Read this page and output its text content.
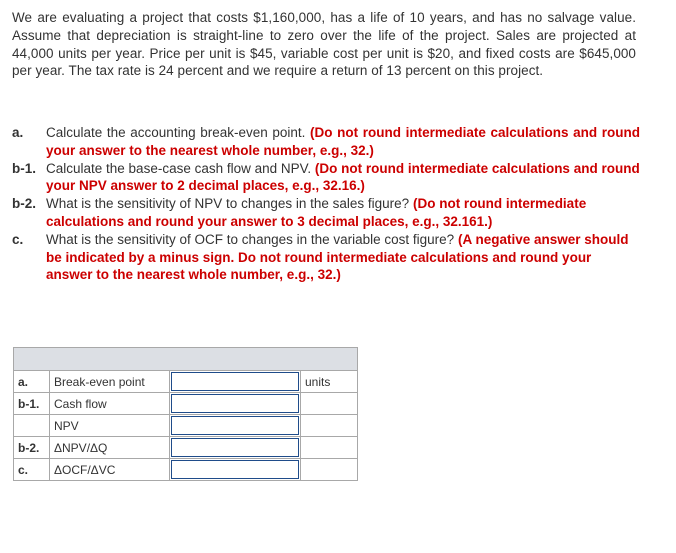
We are evaluating a project that costs $1,160,000, has a life of 10 years, and has no salvage value. Assume that depreciation is straight-line to zero over the life of the project. Sales are projected at 44,000 units per year. Price per unit is $45, variable cost per unit is $20, and fixed costs are $645,000 per year. The tax rate is 24 percent and we require a return of 13 percent on this project.
a.	Calculate the accounting break-even point. (Do not round intermediate calculations and round your answer to the nearest whole number, e.g., 32.)
b-1. Calculate the base-case cash flow and NPV. (Do not round intermediate calculations and round your NPV answer to 2 decimal places, e.g., 32.16.)
b-2. What is the sensitivity of NPV to changes in the sales figure? (Do not round intermediate calculations and round your answer to 3 decimal places, e.g., 32.161.)
c.	What is the sensitivity of OCF to changes in the variable cost figure? (A negative answer should be indicated by a minus sign. Do not round intermediate calculations and round your answer to the nearest whole number, e.g., 32.)

a.	Break-even point		units
b-1.	Cash flow	

	NPV	

b-2.	ΔNPV/ΔQ	

c.	ΔOCF/ΔVC	
